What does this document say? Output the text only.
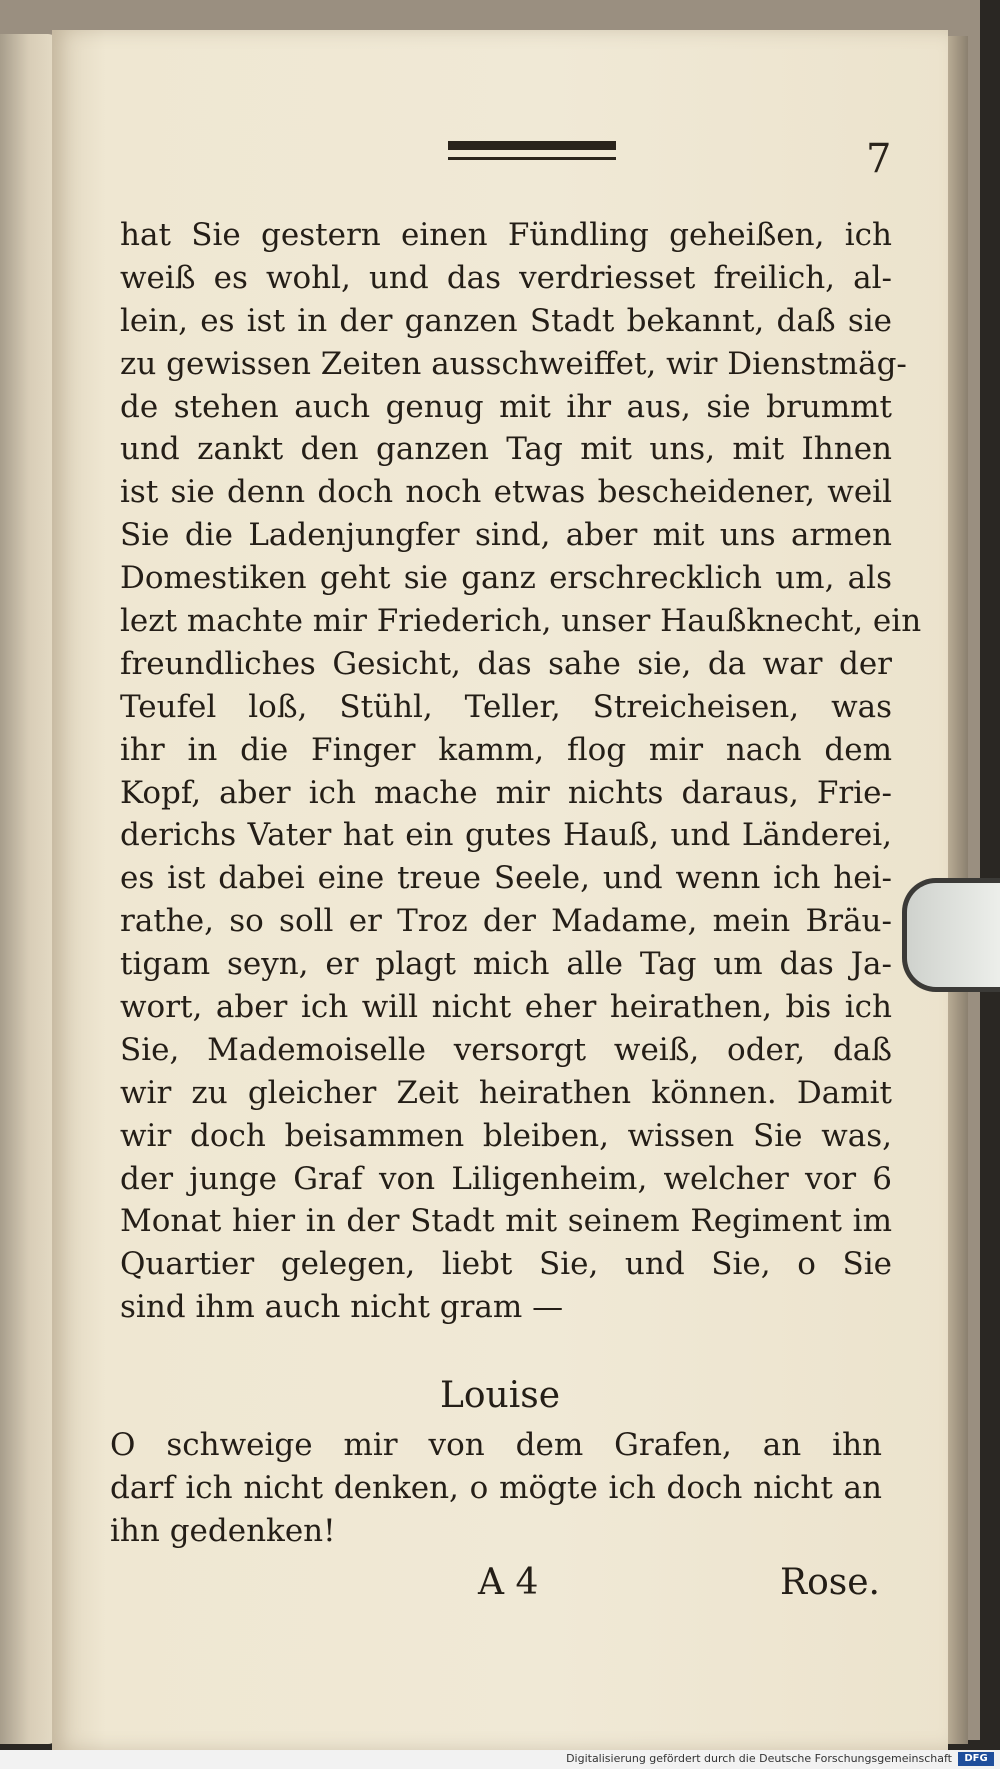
7
hat Sie gestern einen Fündling geheißen, ich
weiß es wohl, und das verdriesset freilich, al-
lein, es ist in der ganzen Stadt bekannt, daß sie
zu gewissen Zeiten ausschweiffet, wir Dienstmäg-
de stehen auch genug mit ihr aus, sie brummt
und zankt den ganzen Tag mit uns, mit Ihnen
ist sie denn doch noch etwas bescheidener, weil
Sie die Ladenjungfer sind, aber mit uns armen
Domestiken geht sie ganz erschrecklich um, als
lezt machte mir Friederich, unser Haußknecht, ein
freundliches Gesicht, das sahe sie, da war der
Teufel loß, Stühl, Teller, Streicheisen, was
ihr in die Finger kamm, flog mir nach dem
Kopf, aber ich mache mir nichts daraus, Frie-
derichs Vater hat ein gutes Hauß, und Länderei,
es ist dabei eine treue Seele, und wenn ich hei-
rathe, so soll er Troz der Madame, mein Bräu-
tigam seyn, er plagt mich alle Tag um das Ja-
wort, aber ich will nicht eher heirathen, bis ich
Sie, Mademoiselle versorgt weiß, oder, daß
wir zu gleicher Zeit heirathen können. Damit
wir doch beisammen bleiben, wissen Sie was,
der junge Graf von Liligenheim, welcher vor 6
Monat hier in der Stadt mit seinem Regiment im
Quartier gelegen, liebt Sie, und Sie, o Sie
sind ihm auch nicht gram —
Louise
O schweige mir von dem Grafen, an ihn
darf ich nicht denken, o mögte ich doch nicht an
ihn gedenken!
A 4	Rose.
Digitalisierung gefördert durch die Deutsche Forschungsgemeinschaft	DFG
